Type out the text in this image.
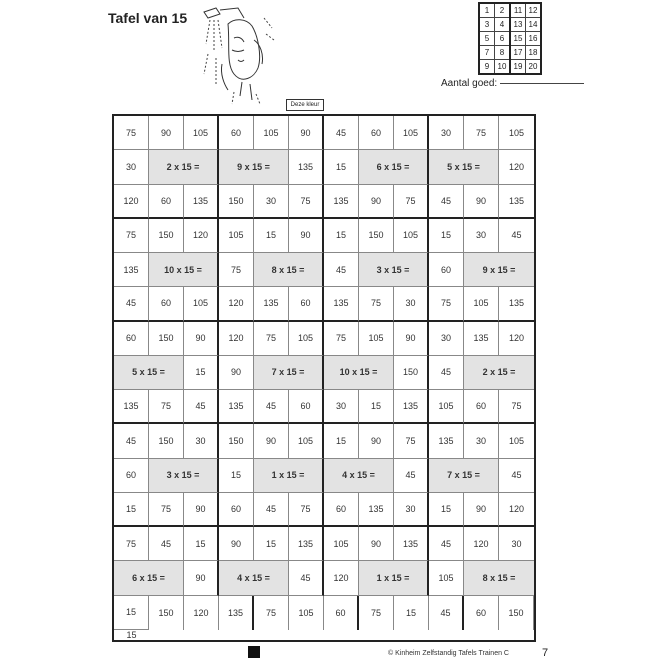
Tafel van 15	1	2	11	12
3	4	13	14
5	6	15	16
7	8	17	18
9	10	19	20
Aantal goed:
Deze kleur
75	90	105	60	105	90	45	60	105	30	75	105
30	2 x 15 =	9 x 15 =	135	15	6 x 15 =	5 x 15 =	120
120	60	135	150	30	75	135	90	75	45	90	135
75	150	120	105	15	90	15	150	105	15	30	45
135	10 x 15 =	75	8 x 15 =	45	3 x 15 =	60	9 x 15 =
45	60	105	120	135	60	135	75	30	75	105	135
60	150	90	120	75	105	75	105	90	30	135	120
5 x 15 =	15	90	7 x 15 =	10 x 15 =	150	45	2 x 15 =
135	75	45	135	45	60	30	15	135	105	60	75
45	150	30	150	90	105	15	90	75	135	30	105
60	3 x 15 =	15	1 x 15 =	4 x 15 =	45	7 x 15 =	45
15	75	90	60	45	75	60	135	30	15	90	120
75	45	15	90	15	135	105	90	135	45	120	30
6 x 15 =	90	4 x 15 =	45	120	1 x 15 =	105	8 x 15 =
15	150	120	135	75	105	60	75	15	45	60	150
15
© Kinheim Zelfstandig Tafels Trainen C	7
